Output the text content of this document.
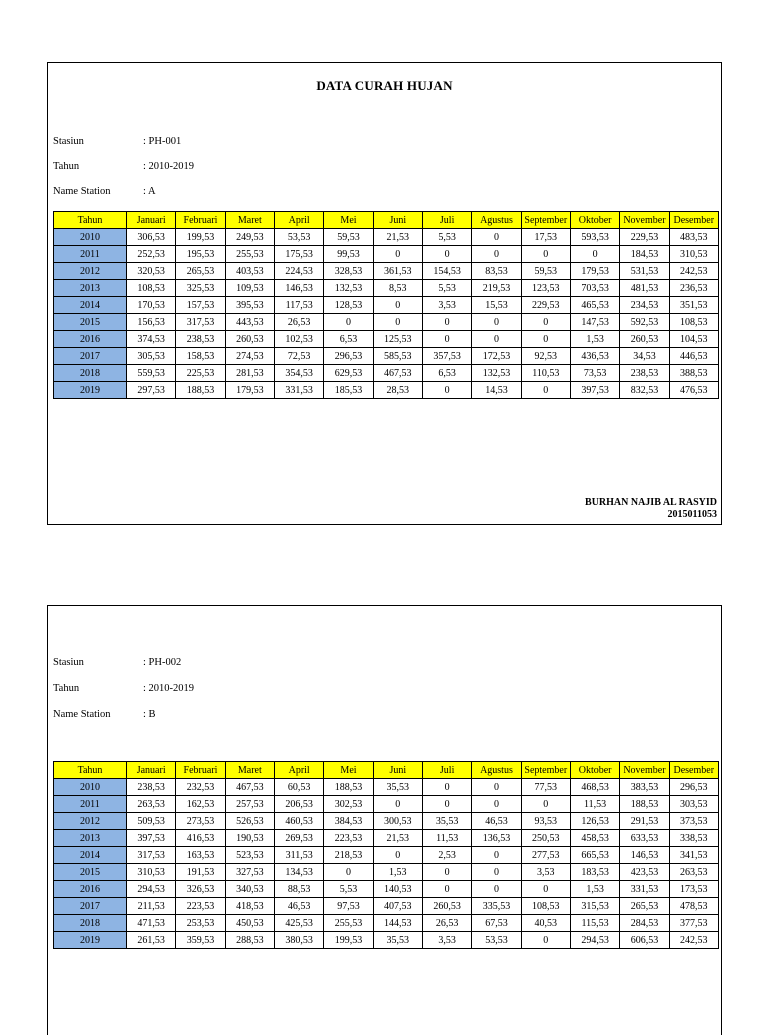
DATA CURAH HUJAN
Stasiun	: PH-001
Tahun	: 2010-2019
Name Station	: A
Tahun	Januari	Februari	Maret	April	Mei	Juni	Juli	Agustus	September	Oktober	November	Desember
2010	306,53	199,53	249,53	53,53	59,53	21,53	5,53	0	17,53	593,53	229,53	483,53
2011	252,53	195,53	255,53	175,53	99,53	0	0	0	0	0	184,53	310,53
2012	320,53	265,53	403,53	224,53	328,53	361,53	154,53	83,53	59,53	179,53	531,53	242,53
2013	108,53	325,53	109,53	146,53	132,53	8,53	5,53	219,53	123,53	703,53	481,53	236,53
2014	170,53	157,53	395,53	117,53	128,53	0	3,53	15,53	229,53	465,53	234,53	351,53
2015	156,53	317,53	443,53	26,53	0	0	0	0	0	147,53	592,53	108,53
2016	374,53	238,53	260,53	102,53	6,53	125,53	0	0	0	1,53	260,53	104,53
2017	305,53	158,53	274,53	72,53	296,53	585,53	357,53	172,53	92,53	436,53	34,53	446,53
2018	559,53	225,53	281,53	354,53	629,53	467,53	6,53	132,53	110,53	73,53	238,53	388,53
2019	297,53	188,53	179,53	331,53	185,53	28,53	0	14,53	0	397,53	832,53	476,53
BURHAN NAJIB AL RASYID
2015011053
Stasiun	: PH-002
Tahun	: 2010-2019
Name Station	: B
Tahun	Januari	Februari	Maret	April	Mei	Juni	Juli	Agustus	September	Oktober	November	Desember
2010	238,53	232,53	467,53	60,53	188,53	35,53	0	0	77,53	468,53	383,53	296,53
2011	263,53	162,53	257,53	206,53	302,53	0	0	0	0	11,53	188,53	303,53
2012	509,53	273,53	526,53	460,53	384,53	300,53	35,53	46,53	93,53	126,53	291,53	373,53
2013	397,53	416,53	190,53	269,53	223,53	21,53	11,53	136,53	250,53	458,53	633,53	338,53
2014	317,53	163,53	523,53	311,53	218,53	0	2,53	0	277,53	665,53	146,53	341,53
2015	310,53	191,53	327,53	134,53	0	1,53	0	0	3,53	183,53	423,53	263,53
2016	294,53	326,53	340,53	88,53	5,53	140,53	0	0	0	1,53	331,53	173,53
2017	211,53	223,53	418,53	46,53	97,53	407,53	260,53	335,53	108,53	315,53	265,53	478,53
2018	471,53	253,53	450,53	425,53	255,53	144,53	26,53	67,53	40,53	115,53	284,53	377,53
2019	261,53	359,53	288,53	380,53	199,53	35,53	3,53	53,53	0	294,53	606,53	242,53
